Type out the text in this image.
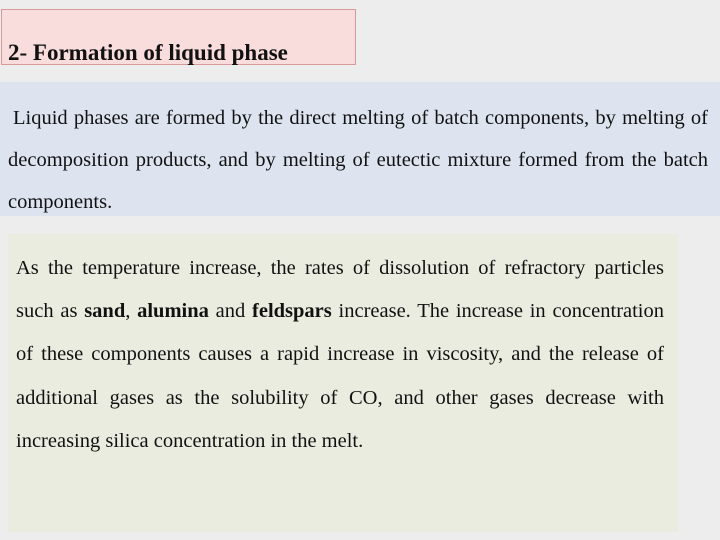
2- Formation of liquid phase

Liquid phases are formed by the direct melting of batch components, by melting of decomposition products, and by melting of eutectic mixture formed from the batch components.

As the temperature increase, the rates of dissolution of refractory particles such as sand, alumina and feldspars increase. The increase in concentration of these components causes a rapid increase in viscosity, and the release of additional gases as the solubility of CO, and other gases decrease with increasing silica concentration in the melt.
